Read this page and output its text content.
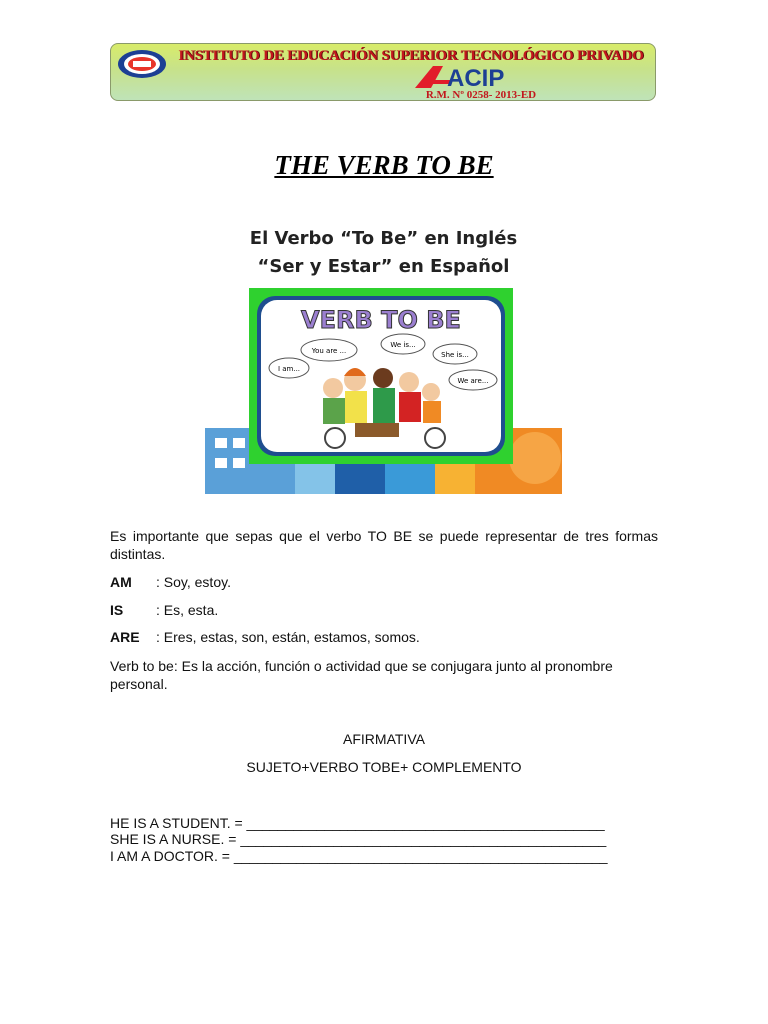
INSTITUTO DE EDUCACIÓN SUPERIOR TECNOLÓGICO PRIVADO
ACIP
R.M. Nº 0258- 2013-ED
THE VERB TO BE
El Verbo “To Be” en Inglés
“Ser y Estar” en Español
VERB TO BE
I am...
You are ...
We is...
She is...
We are...
Es importante que sepas que el verbo TO BE se puede representar de tres formas distintas.
AM : Soy, estoy.
IS : Es, esta.
ARE : Eres, estas, son, están, estamos, somos.
Verb to be: Es la acción, función o actividad que se conjugara junto al pronombre personal.
AFIRMATIVA
SUJETO+VERBO TOBE+ COMPLEMENTO
HE IS A STUDENT. = ______________________________________________
SHE IS A NURSE. = _______________________________________________
I AM A DOCTOR. = ________________________________________________
